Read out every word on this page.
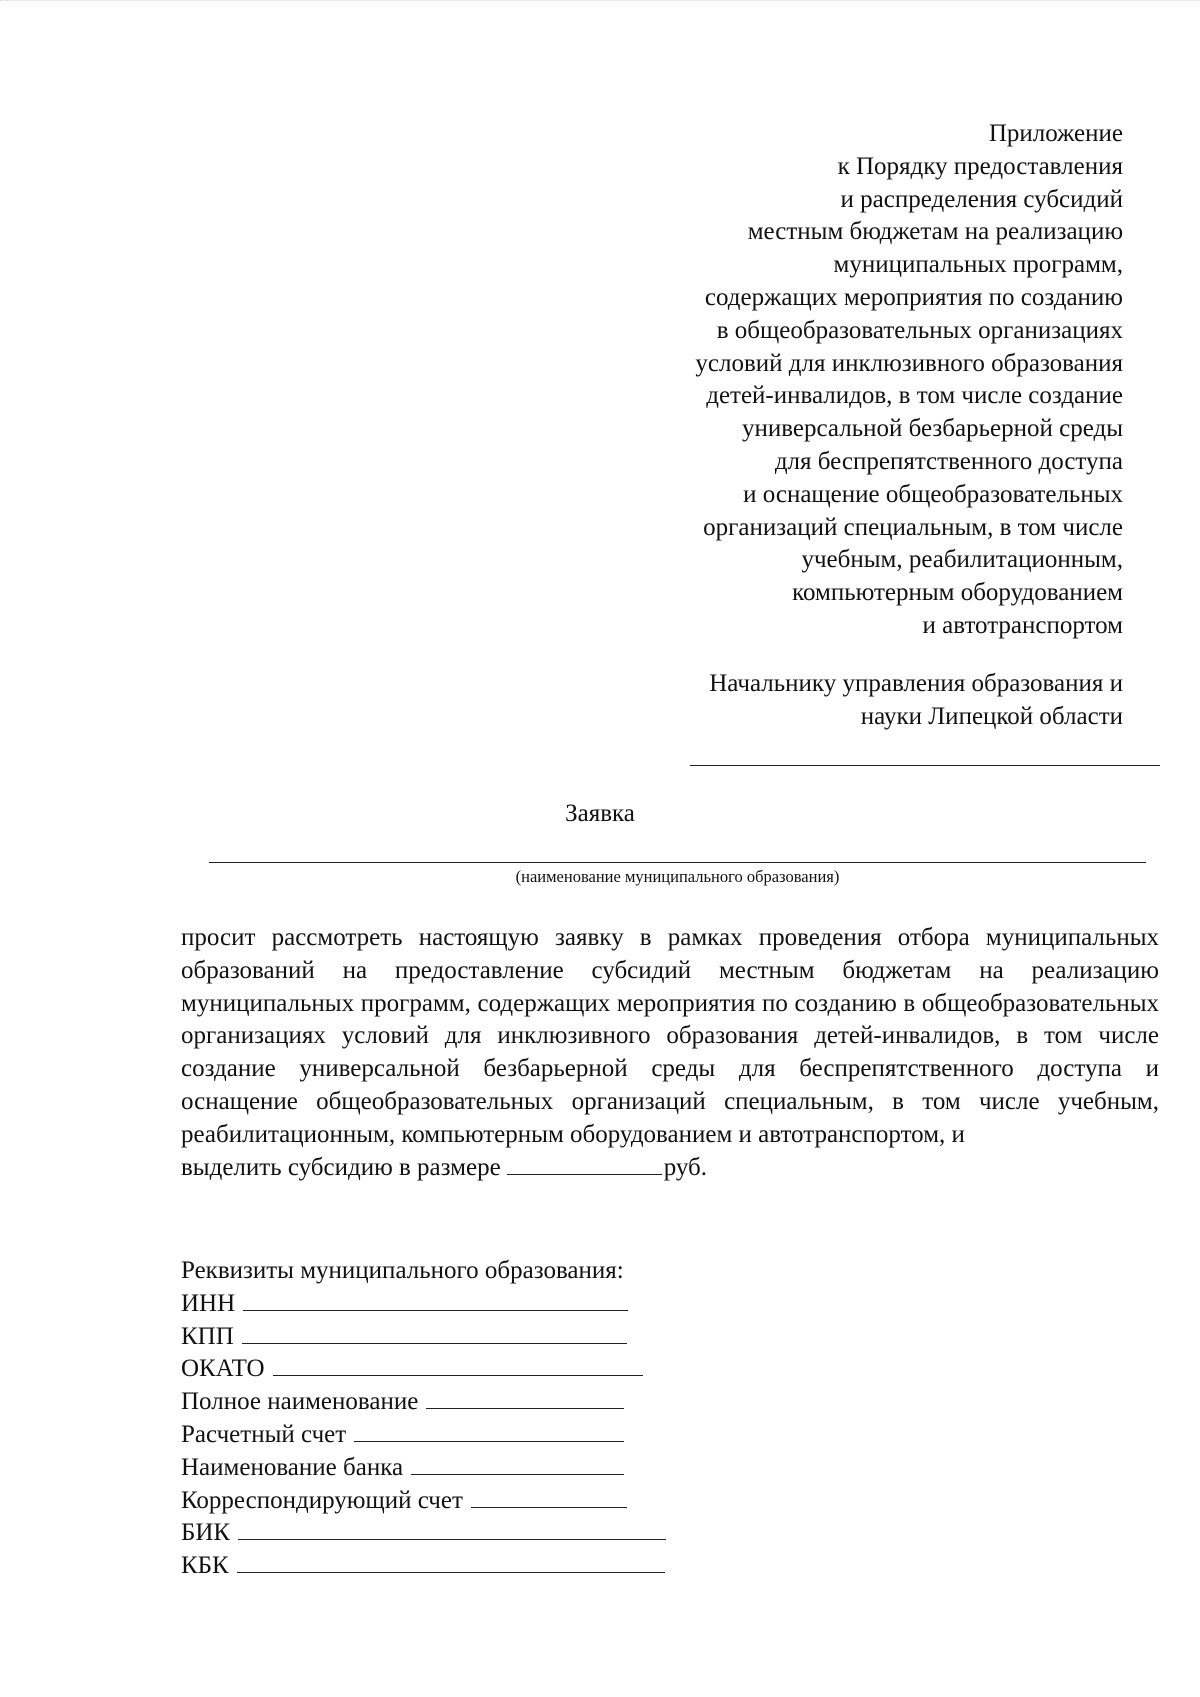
Приложение
к Порядку предоставления
и распределения субсидий
местным бюджетам на реализацию
муниципальных программ,
содержащих мероприятия по созданию
в общеобразовательных организациях
условий для инклюзивного образования
детей-инвалидов, в том числе создание
универсальной безбарьерной среды
для беспрепятственного доступа
и оснащение общеобразовательных
организаций специальным, в том числе
учебным, реабилитационным,
компьютерным оборудованием
и автотранспортом
Начальнику управления образования и
науки Липецкой области
Заявка
(наименование муниципального образования)
просит рассмотреть настоящую заявку в рамках проведения отбора муниципальных образований на предоставление субсидий местным бюджетам на реализацию муниципальных программ, содержащих мероприятия по созданию в общеобразовательных организациях условий для инклюзивного образования детей-инвалидов, в том числе создание универсальной безбарьерной среды для беспрепятственного доступа и оснащение общеобразовательных организаций специальным, в том числе учебным, реабилитационным, компьютерным оборудованием и автотранспортом, и
выделить субсидию в размере	руб.
Реквизиты муниципального образования:
ИНН
КПП
ОКАТО
Полное наименование
Расчетный счет
Наименование банка
Корреспондирующий счет
БИК
КБК
